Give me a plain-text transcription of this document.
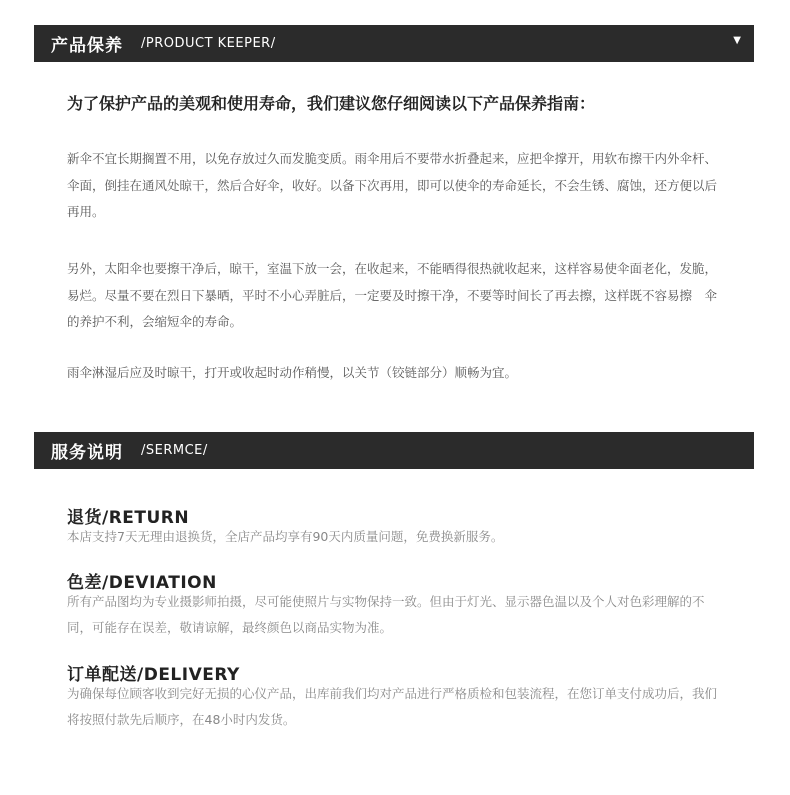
产品保养 /PRODUCT KEEPER/	▼

为了保护产品的美观和使用寿命，我们建议您仔细阅读以下产品保养指南：

新伞不宜长期搁置不用，以免存放过久而发脆变质。雨伞用后不要带水折叠起来，应把伞撑开，用软布擦干内外伞杆、伞面，倒挂在通风处晾干，然后合好伞，收好。以备下次再用，即可以使伞的寿命延长，不会生锈、腐蚀，还方便以后再用。

另外，太阳伞也要擦干净后，晾干，室温下放一会，在收起来，不能晒得很热就收起来，这样容易使伞面老化，发脆，易烂。尽量不要在烈日下暴晒，平时不小心弄脏后，一定要及时擦干净，不要等时间长了再去擦，这样既不容易擦　伞的养护不利，会缩短伞的寿命。

雨伞淋湿后应及时晾干，打开或收起时动作稍慢，以关节（铰链部分）顺畅为宜。

服务说明 /SERMCE/

退货/RETURN

本店支持7天无理由退换货，全店产品均享有90天内质量问题，免费换新服务。

色差/DEVIATION

所有产品图均为专业摄影师拍摄，尽可能使照片与实物保持一致。但由于灯光、显示器色温以及个人对色彩理解的不同，可能存在误差，敬请谅解，最终颜色以商品实物为准。

订单配送/DELIVERY

为确保每位顾客收到完好无损的心仪产品，出库前我们均对产品进行严格质检和包装流程，在您订单支付成功后，我们将按照付款先后顺序，在48小时内发货。
